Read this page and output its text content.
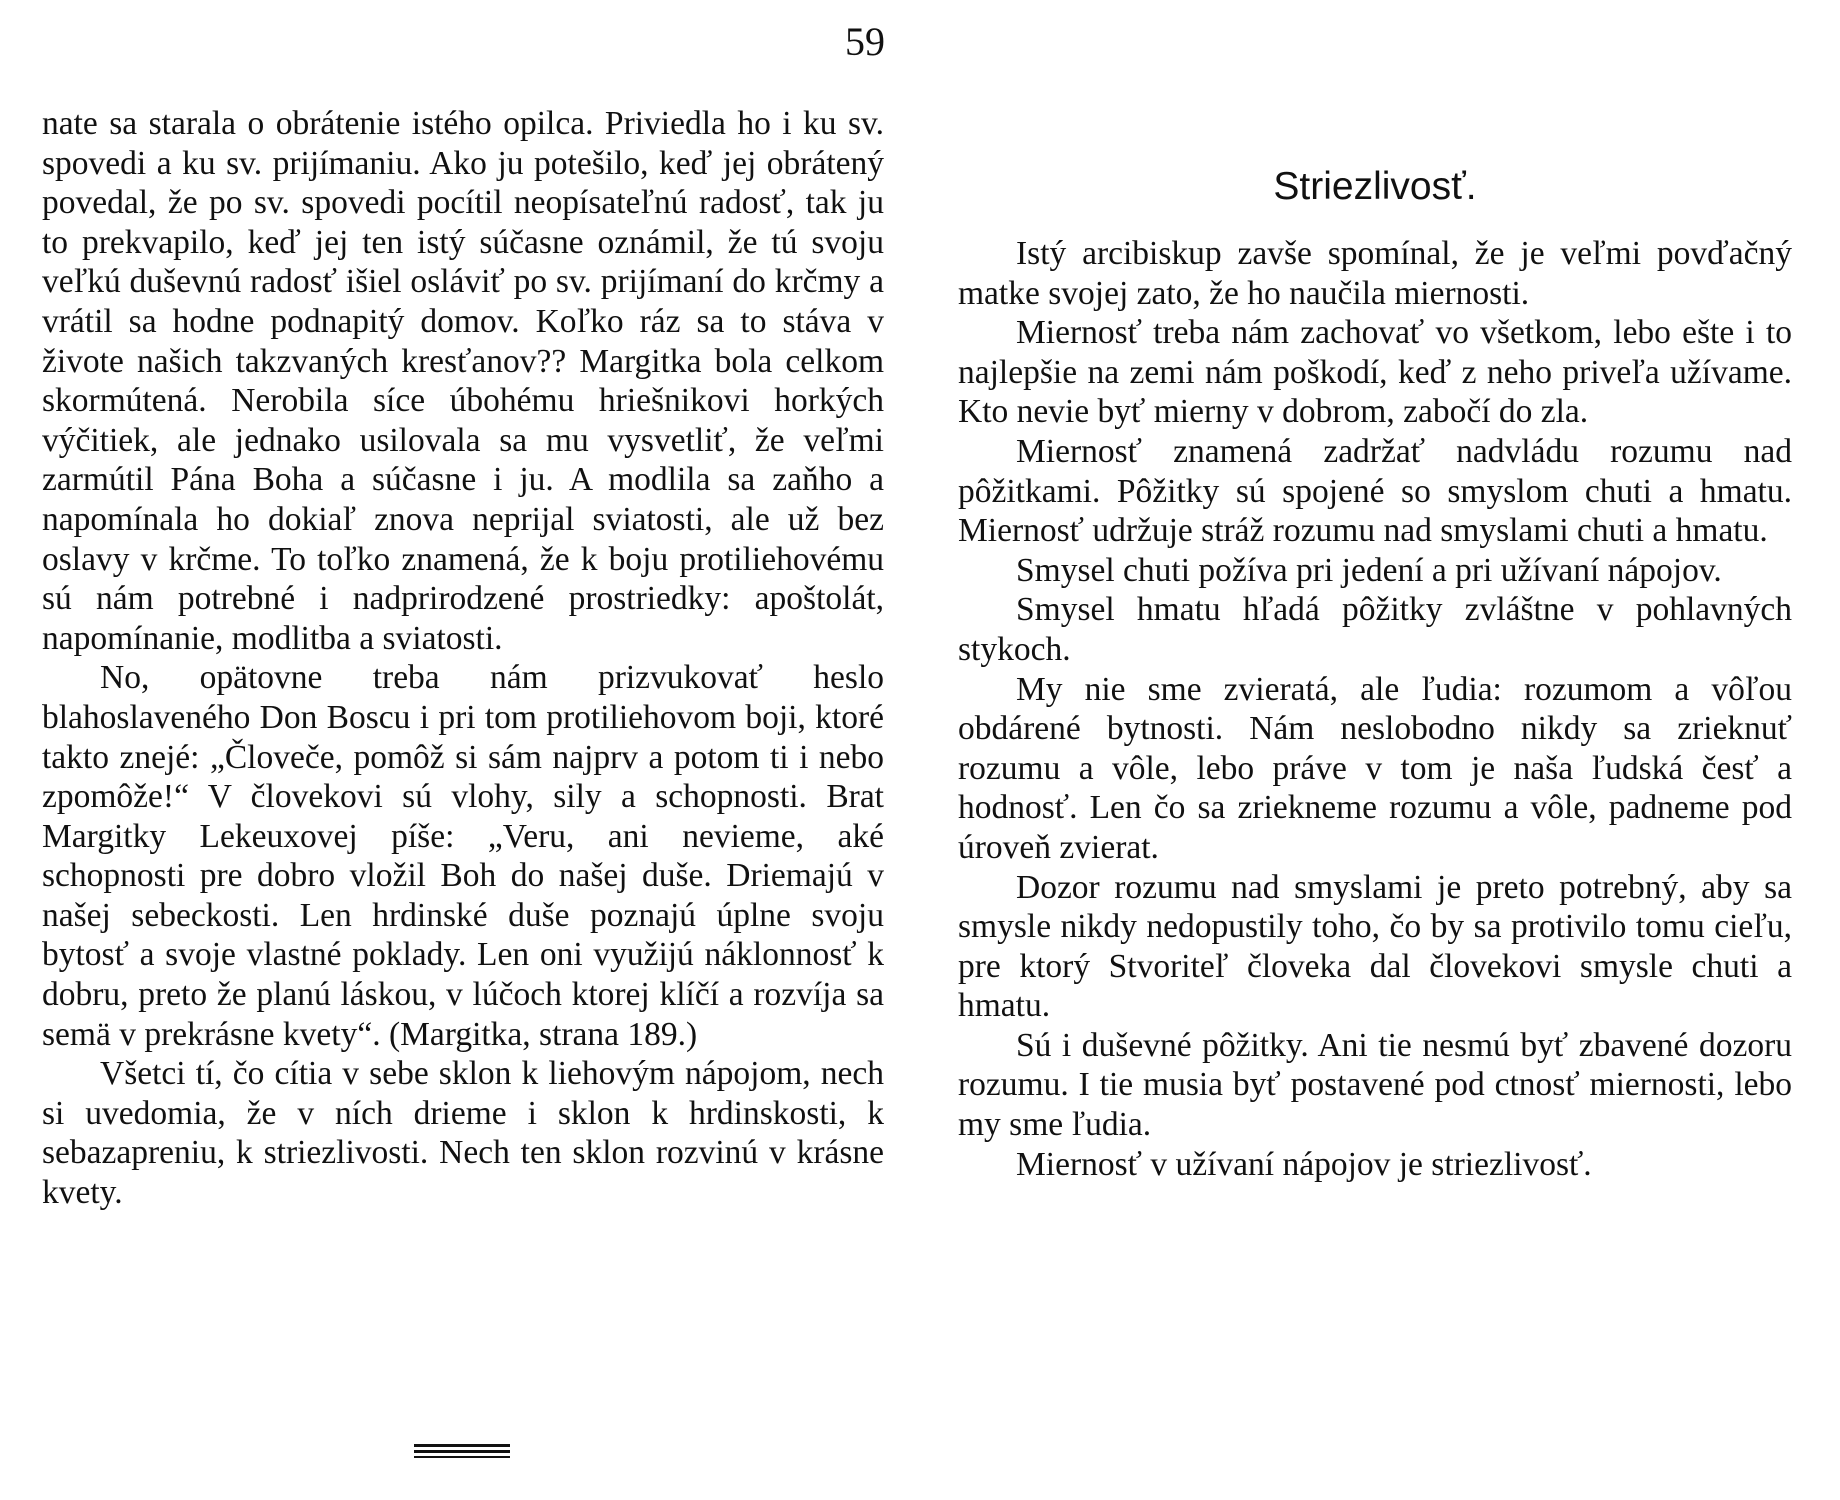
59

nate sa starala o obrátenie istého opilca. Priviedla ho i ku sv. spovedi a ku sv. prijímaniu. Ako ju potešilo, keď jej obrátený povedal, že po sv. spovedi pocítil neopísateľnú radosť, tak ju to prekvapilo, keď jej ten istý súčasne oznámil, že tú svoju veľkú duševnú radosť išiel osláviť po sv. prijímaní do krčmy a vrátil sa hodne podnapitý domov. Koľko ráz sa to stáva v živote našich takzvaných kresťanov?? Margitka bola celkom skormútená. Nerobila síce úbohému hriešnikovi horkých výčitiek, ale jednako usilovala sa mu vysvetliť, že veľmi zarmútil Pána Boha a súčasne i ju. A modlila sa zaňho a napomínala ho dokiaľ znova neprijal sviatosti, ale už bez oslavy v krčme. To toľko znamená, že k boju protiliehovému sú nám potrebné i nadprirodzené prostriedky: apoštolát, napomínanie, modlitba a sviatosti.

No, opätovne treba nám prizvukovať heslo blahoslaveného Don Boscu i pri tom protiliehovom boji, ktoré takto znejé: „Človeče, pomôž si sám najprv a potom ti i nebo zpomôže!“ V človekovi sú vlohy, sily a schopnosti. Brat Margitky Lekeuxovej píše: „Veru, ani nevieme, aké schopnosti pre dobro vložil Boh do našej duše. Driemajú v našej sebeckosti. Len hrdinské duše poznajú úplne svoju bytosť a svoje vlastné poklady. Len oni využijú náklonnosť k dobru, preto že planú láskou, v lúčoch ktorej klíčí a rozvíja sa semä v prekrásne kvety“. (Margitka, strana 189.)

Všetci tí, čo cítia v sebe sklon k liehovým nápojom, nech si uvedomia, že v ních drieme i sklon k hrdinskosti, k sebazapreniu, k striezlivosti. Nech ten sklon rozvinú v krásne kvety.

Striezlivosť.

Istý arcibiskup zavše spomínal, že je veľmi povďačný matke svojej zato, že ho naučila miernosti.

Miernosť treba nám zachovať vo všetkom, lebo ešte i to najlepšie na zemi nám poškodí, keď z neho priveľa užívame. Kto nevie byť mierny v dobrom, zabočí do zla.

Miernosť znamená zadržať nadvládu rozumu nad pôžitkami. Pôžitky sú spojené so smyslom chuti a hmatu. Miernosť udržuje stráž rozumu nad smyslami chuti a hmatu.

Smysel chuti požíva pri jedení a pri užívaní nápojov.

Smysel hmatu hľadá pôžitky zvláštne v pohlavných stykoch.

My nie sme zvieratá, ale ľudia: rozumom a vôľou obdárené bytnosti. Nám neslobodno nikdy sa zrieknuť rozumu a vôle, lebo práve v tom je naša ľudská česť a hodnosť. Len čo sa zriekneme rozumu a vôle, padneme pod úroveň zvierat.

Dozor rozumu nad smyslami je preto potrebný, aby sa smysle nikdy nedopustily toho, čo by sa protivilo tomu cieľu, pre ktorý Stvoriteľ človeka dal človekovi smysle chuti a hmatu.

Sú i duševné pôžitky. Ani tie nesmú byť zbavené dozoru rozumu. I tie musia byť postavené pod ctnosť miernosti, lebo my sme ľudia.

Miernosť v užívaní nápojov je striezlivosť.
